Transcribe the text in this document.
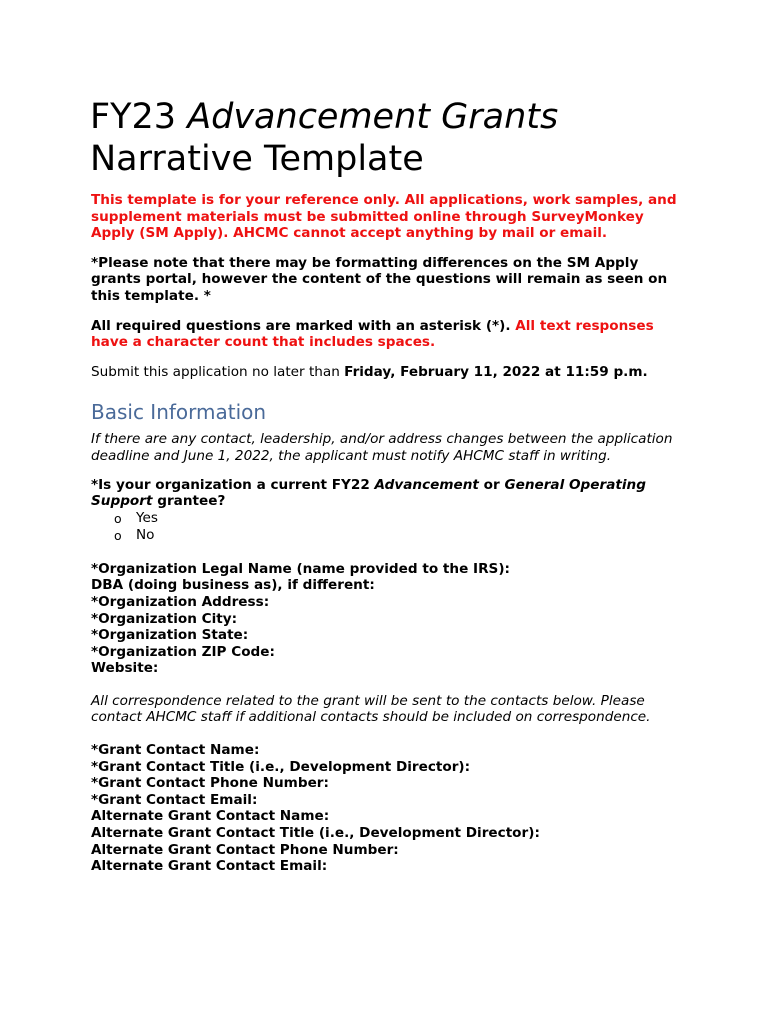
FY23 Advancement Grants
Narrative Template

This template is for your reference only. All applications, work samples, and supplement materials must be submitted online through SurveyMonkey Apply (SM Apply). AHCMC cannot accept anything by mail or email.

*Please note that there may be formatting differences on the SM Apply grants portal, however the content of the questions will remain as seen on this template. *

All required questions are marked with an asterisk (*). All text responses have a character count that includes spaces.

Submit this application no later than Friday, February 11, 2022 at 11:59 p.m.

Basic Information

If there are any contact, leadership, and/or address changes between the application deadline and June 1, 2022, the applicant must notify AHCMC staff in writing.

*Is your organization a current FY22 Advancement or General Operating Support grantee?

o	Yes
o	No
*Organization Legal Name (name provided to the IRS):
DBA (doing business as), if different:
*Organization Address:
*Organization City:
*Organization State:
*Organization ZIP Code:
Website:

All correspondence related to the grant will be sent to the contacts below. Please contact AHCMC staff if additional contacts should be included on correspondence.

*Grant Contact Name:
*Grant Contact Title (i.e., Development Director):
*Grant Contact Phone Number:
*Grant Contact Email:
Alternate Grant Contact Name:
Alternate Grant Contact Title (i.e., Development Director):
Alternate Grant Contact Phone Number:
Alternate Grant Contact Email:
